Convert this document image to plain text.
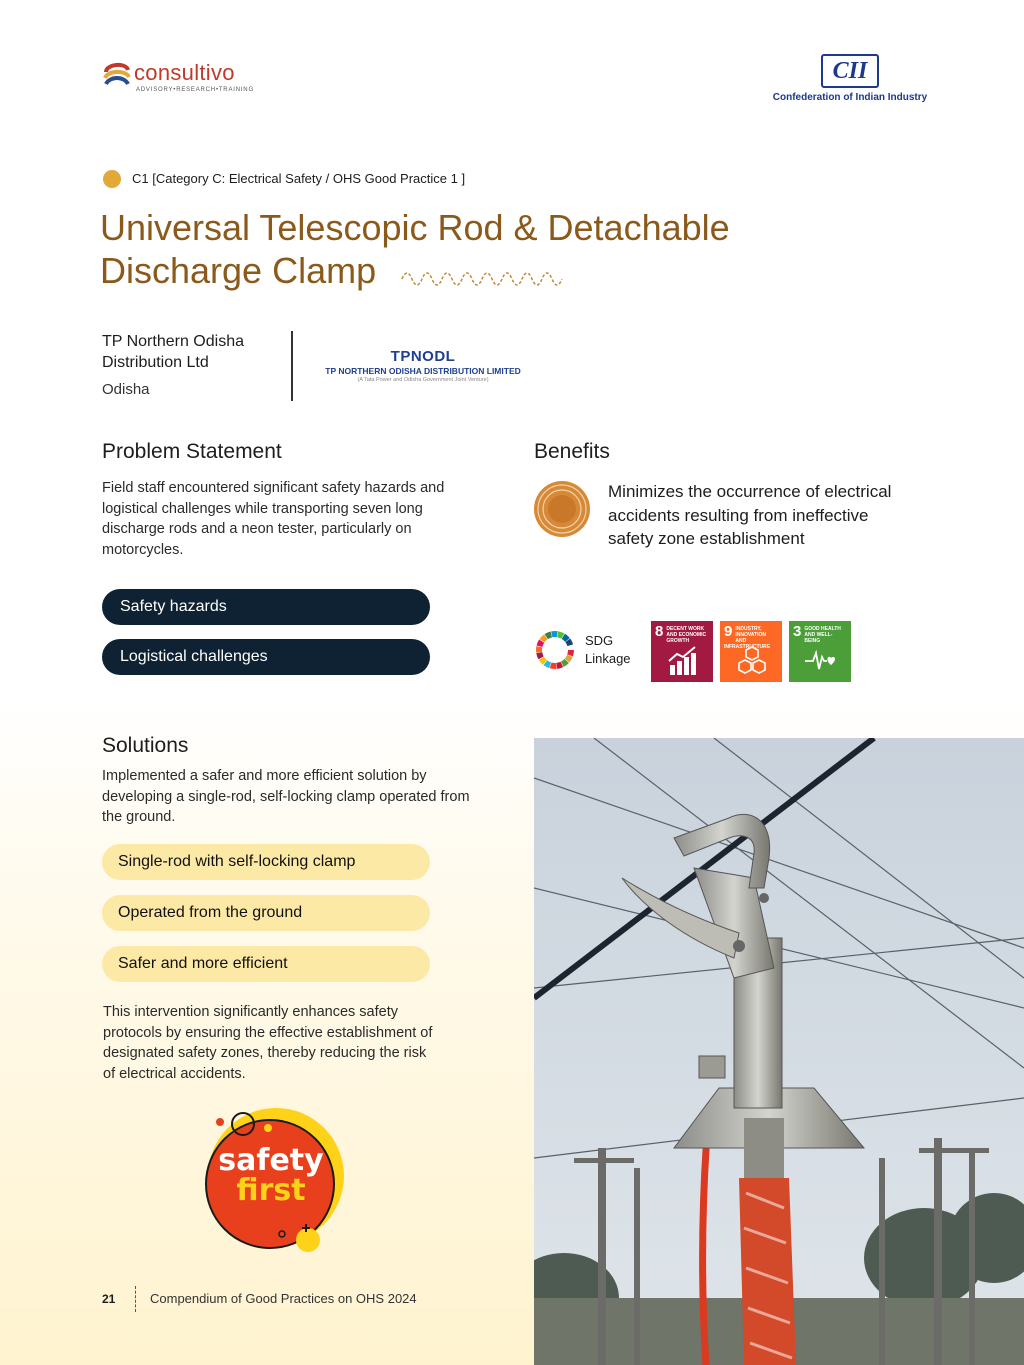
consultivo
ADVISORY•RESEARCH•TRAINING
CII
Confederation of Indian Industry
C1 [Category C: Electrical Safety / OHS Good Practice 1 ]
Universal Telescopic Rod & Detachable
Discharge Clamp
TP Northern Odisha Distribution Ltd
Odisha
TPNODL
TP NORTHERN ODISHA DISTRIBUTION LIMITED
(A Tata Power and Odisha Government Joint Venture)
Problem Statement
Field staff encountered significant safety hazards and logistical challenges while transporting seven long discharge rods and a neon tester, particularly on motorcycles.
Safety hazards
Logistical challenges
Benefits
Minimizes the occurrence of electrical accidents resulting from ineffective safety zone establishment
SDG
Linkage
8 DECENT WORK AND ECONOMIC GROWTH
9 INDUSTRY, INNOVATION AND INFRASTRUCTURE
3 GOOD HEALTH AND WELL-BEING
Solutions
Implemented a safer and more efficient solution by developing a single-rod, self-locking clamp operated from the ground.
Single-rod with self-locking clamp
Operated from the ground
Safer and more efficient
This intervention significantly enhances safety protocols by ensuring the effective establishment of designated safety zones, thereby reducing the risk of electrical accidents.
safety
first
21	Compendium of Good Practices on OHS 2024
